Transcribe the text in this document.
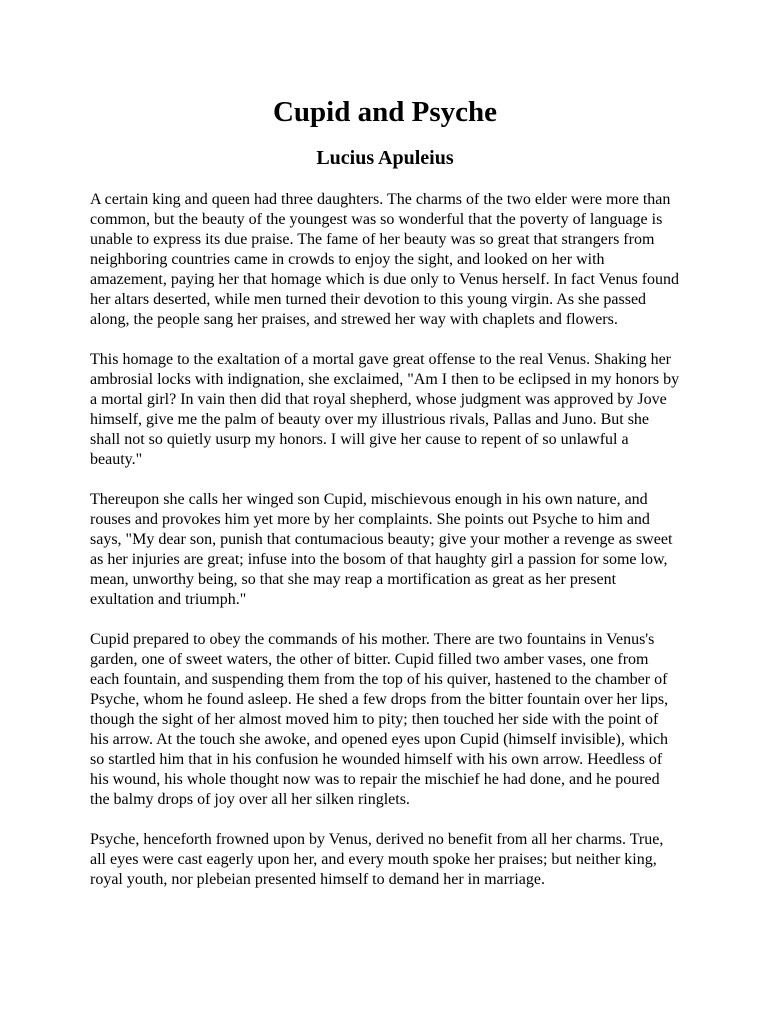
Cupid and Psyche
Lucius Apuleius

A certain king and queen had three daughters. The charms of the two elder were more than common, but the beauty of the youngest was so wonderful that the poverty of language is unable to express its due praise. The fame of her beauty was so great that strangers from neighboring countries came in crowds to enjoy the sight, and looked on her with amazement, paying her that homage which is due only to Venus herself. In fact Venus found her altars deserted, while men turned their devotion to this young virgin. As she passed along, the people sang her praises, and strewed her way with chaplets and flowers.

This homage to the exaltation of a mortal gave great offense to the real Venus. Shaking her ambrosial locks with indignation, she exclaimed, "Am I then to be eclipsed in my honors by a mortal girl? In vain then did that royal shepherd, whose judgment was approved by Jove himself, give me the palm of beauty over my illustrious rivals, Pallas and Juno. But she shall not so quietly usurp my honors. I will give her cause to repent of so unlawful a beauty."

Thereupon she calls her winged son Cupid, mischievous enough in his own nature, and rouses and provokes him yet more by her complaints. She points out Psyche to him and says, "My dear son, punish that contumacious beauty; give your mother a revenge as sweet as her injuries are great; infuse into the bosom of that haughty girl a passion for some low, mean, unworthy being, so that she may reap a mortification as great as her present exultation and triumph."

Cupid prepared to obey the commands of his mother. There are two fountains in Venus's garden, one of sweet waters, the other of bitter. Cupid filled two amber vases, one from each fountain, and suspending them from the top of his quiver, hastened to the chamber of Psyche, whom he found asleep. He shed a few drops from the bitter fountain over her lips, though the sight of her almost moved him to pity; then touched her side with the point of his arrow. At the touch she awoke, and opened eyes upon Cupid (himself invisible), which so startled him that in his confusion he wounded himself with his own arrow. Heedless of his wound, his whole thought now was to repair the mischief he had done, and he poured the balmy drops of joy over all her silken ringlets.

Psyche, henceforth frowned upon by Venus, derived no benefit from all her charms. True, all eyes were cast eagerly upon her, and every mouth spoke her praises; but neither king, royal youth, nor plebeian presented himself to demand her in marriage.
